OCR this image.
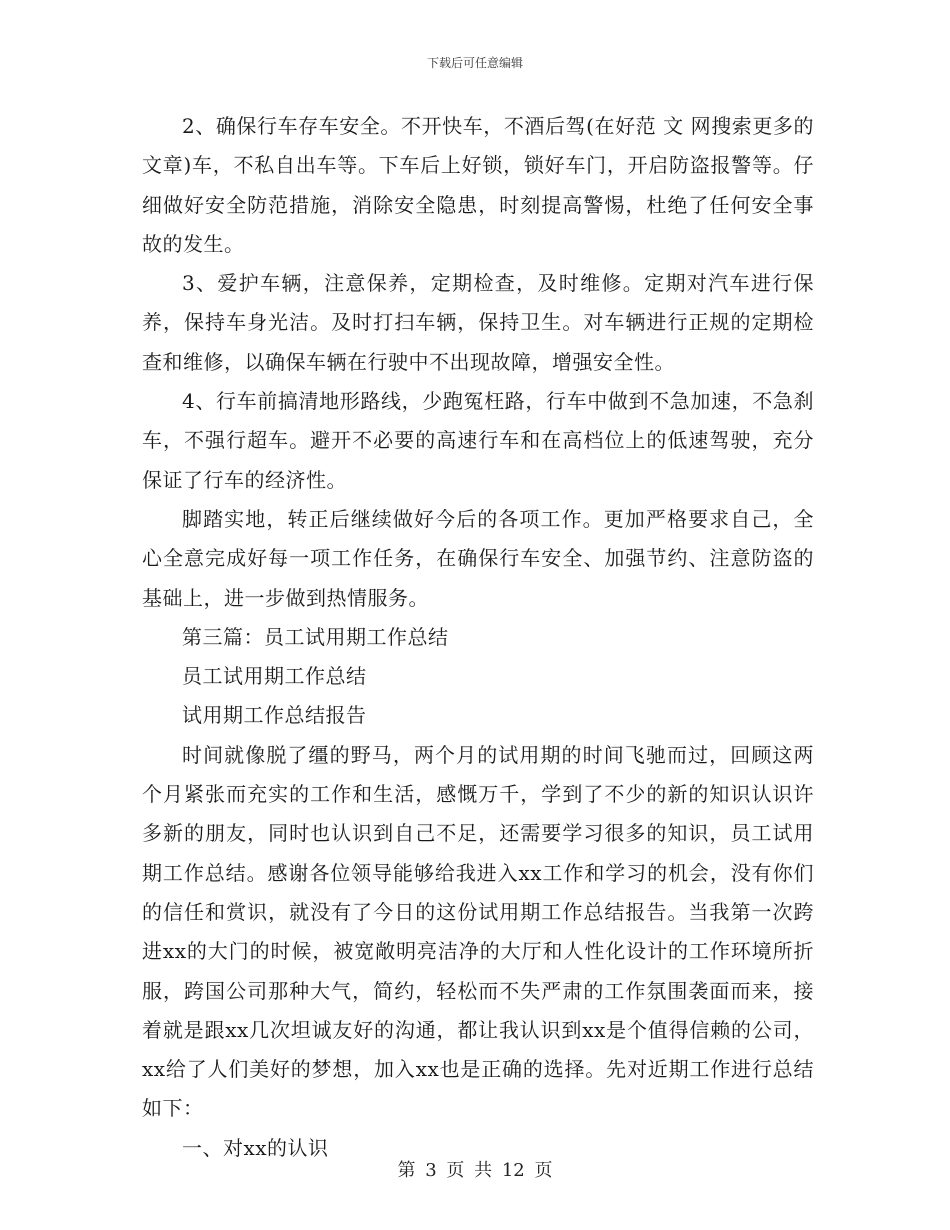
下载后可任意编辑

2、确保行车存车安全。不开快车，不酒后驾(在好范 文 网搜索更多的文章)车，不私自出车等。下车后上好锁，锁好车门，开启防盗报警等。仔细做好安全防范措施，消除安全隐患，时刻提高警惕，杜绝了任何安全事故的发生。

3、爱护车辆，注意保养，定期检查，及时维修。定期对汽车进行保养，保持车身光洁。及时打扫车辆，保持卫生。对车辆进行正规的定期检查和维修，以确保车辆在行驶中不出现故障，增强安全性。

4、行车前搞清地形路线，少跑冤枉路，行车中做到不急加速，不急刹车，不强行超车。避开不必要的高速行车和在高档位上的低速驾驶，充分保证了行车的经济性。

脚踏实地，转正后继续做好今后的各项工作。更加严格要求自己，全心全意完成好每一项工作任务，在确保行车安全、加强节约、注意防盗的基础上，进一步做到热情服务。

第三篇：员工试用期工作总结

员工试用期工作总结

试用期工作总结报告

时间就像脱了缰的野马，两个月的试用期的时间飞驰而过，回顾这两个月紧张而充实的工作和生活，感慨万千，学到了不少的新的知识认识许多新的朋友，同时也认识到自己不足，还需要学习很多的知识，员工试用期工作总结。感谢各位领导能够给我进入xx工作和学习的机会，没有你们的信任和赏识，就没有了今日的这份试用期工作总结报告。当我第一次跨进xx的大门的时候，被宽敞明亮洁净的大厅和人性化设计的工作环境所折服，跨国公司那种大气，简约，轻松而不失严肃的工作氛围袭面而来，接着就是跟xx几次坦诚友好的沟通，都让我认识到xx是个值得信赖的公司，xx给了人们美好的梦想，加入xx也是正确的选择。先对近期工作进行总结如下：

一、对xx的认识

第 3 页 共 12 页
